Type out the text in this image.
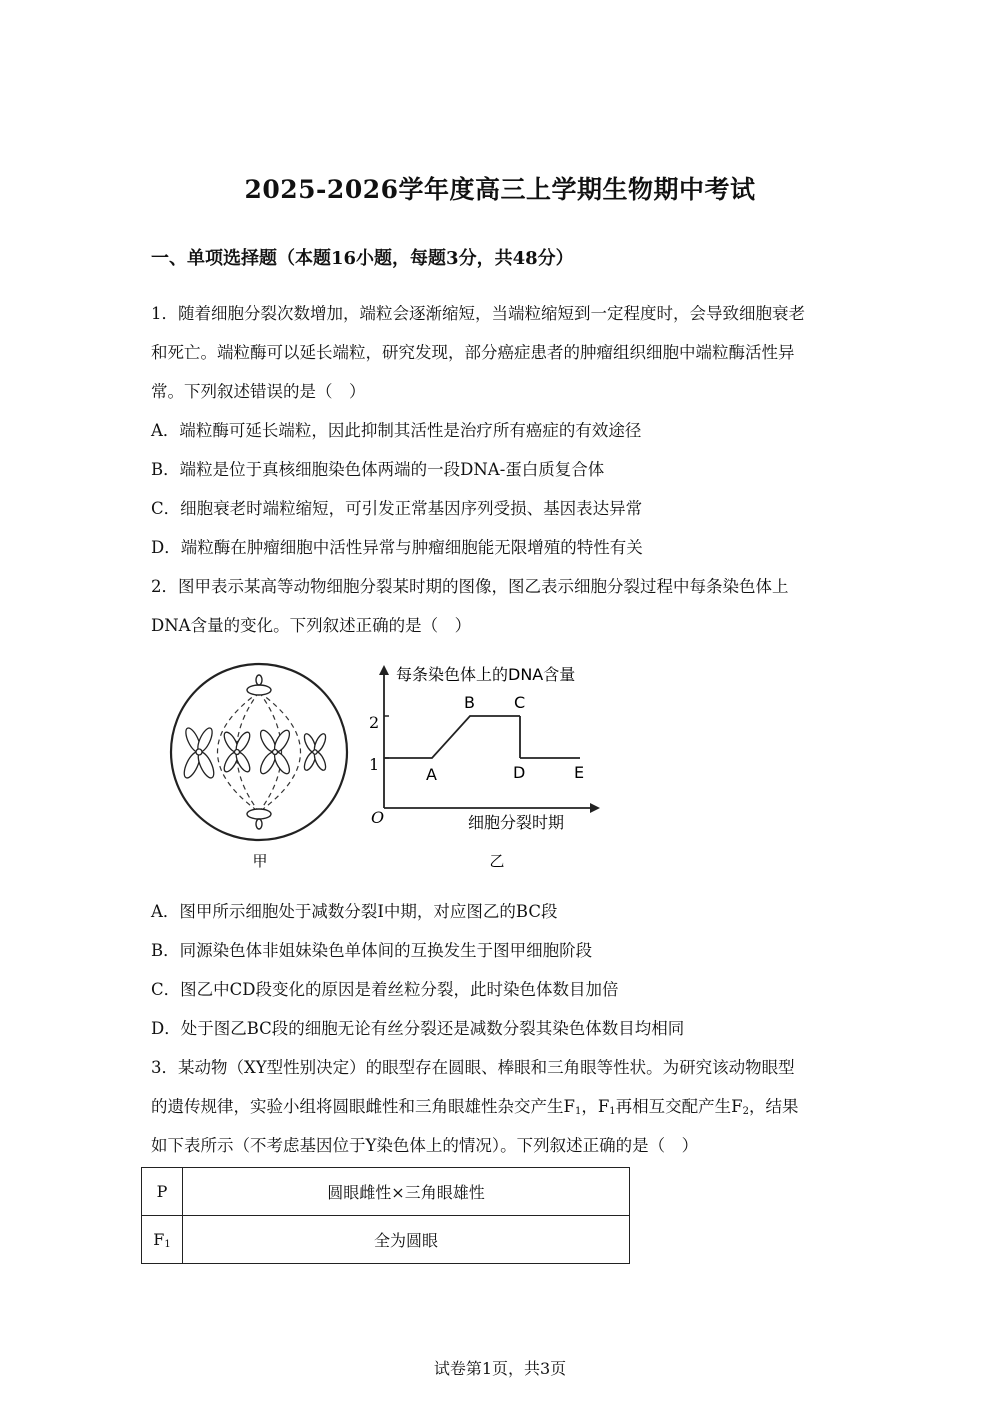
2025-2026学年度高三上学期生物期中考试
一、单项选择题（本题16小题，每题3分，共48分）
1．随着细胞分裂次数增加，端粒会逐渐缩短，当端粒缩短到一定程度时，会导致细胞衰老
和死亡。端粒酶可以延长端粒，研究发现，部分癌症患者的肿瘤组织细胞中端粒酶活性异
常。下列叙述错误的是（　）
A．端粒酶可延长端粒，因此抑制其活性是治疗所有癌症的有效途径
B．端粒是位于真核细胞染色体两端的一段DNA-蛋白质复合体
C．细胞衰老时端粒缩短，可引发正常基因序列受损、基因表达异常
D．端粒酶在肿瘤细胞中活性异常与肿瘤细胞能无限增殖的特性有关
2．图甲表示某高等动物细胞分裂某时期的图像，图乙表示细胞分裂过程中每条染色体上
DNA含量的变化。下列叙述正确的是（　）
甲
每条染色体上的DNA含量
细胞分裂时期
O
1
2
A
B C
D	E
乙
A．图甲所示细胞处于减数分裂Ⅰ中期，对应图乙的BC段
B．同源染色体非姐妹染色单体间的互换发生于图甲细胞阶段
C．图乙中CD段变化的原因是着丝粒分裂，此时染色体数目加倍
D．处于图乙BC段的细胞无论有丝分裂还是减数分裂其染色体数目均相同
3．某动物（XY型性别决定）的眼型存在圆眼、棒眼和三角眼等性状。为研究该动物眼型
的遗传规律，实验小组将圆眼雌性和三角眼雄性杂交产生$F_1$，$F_1$再相互交配产生$F_2$，结果
如下表所示（不考虑基因位于Y染色体上的情况）。下列叙述正确的是（　）
P	圆眼雌性×三角眼雄性
$F_1$	全为圆眼
试卷第1页，共3页
